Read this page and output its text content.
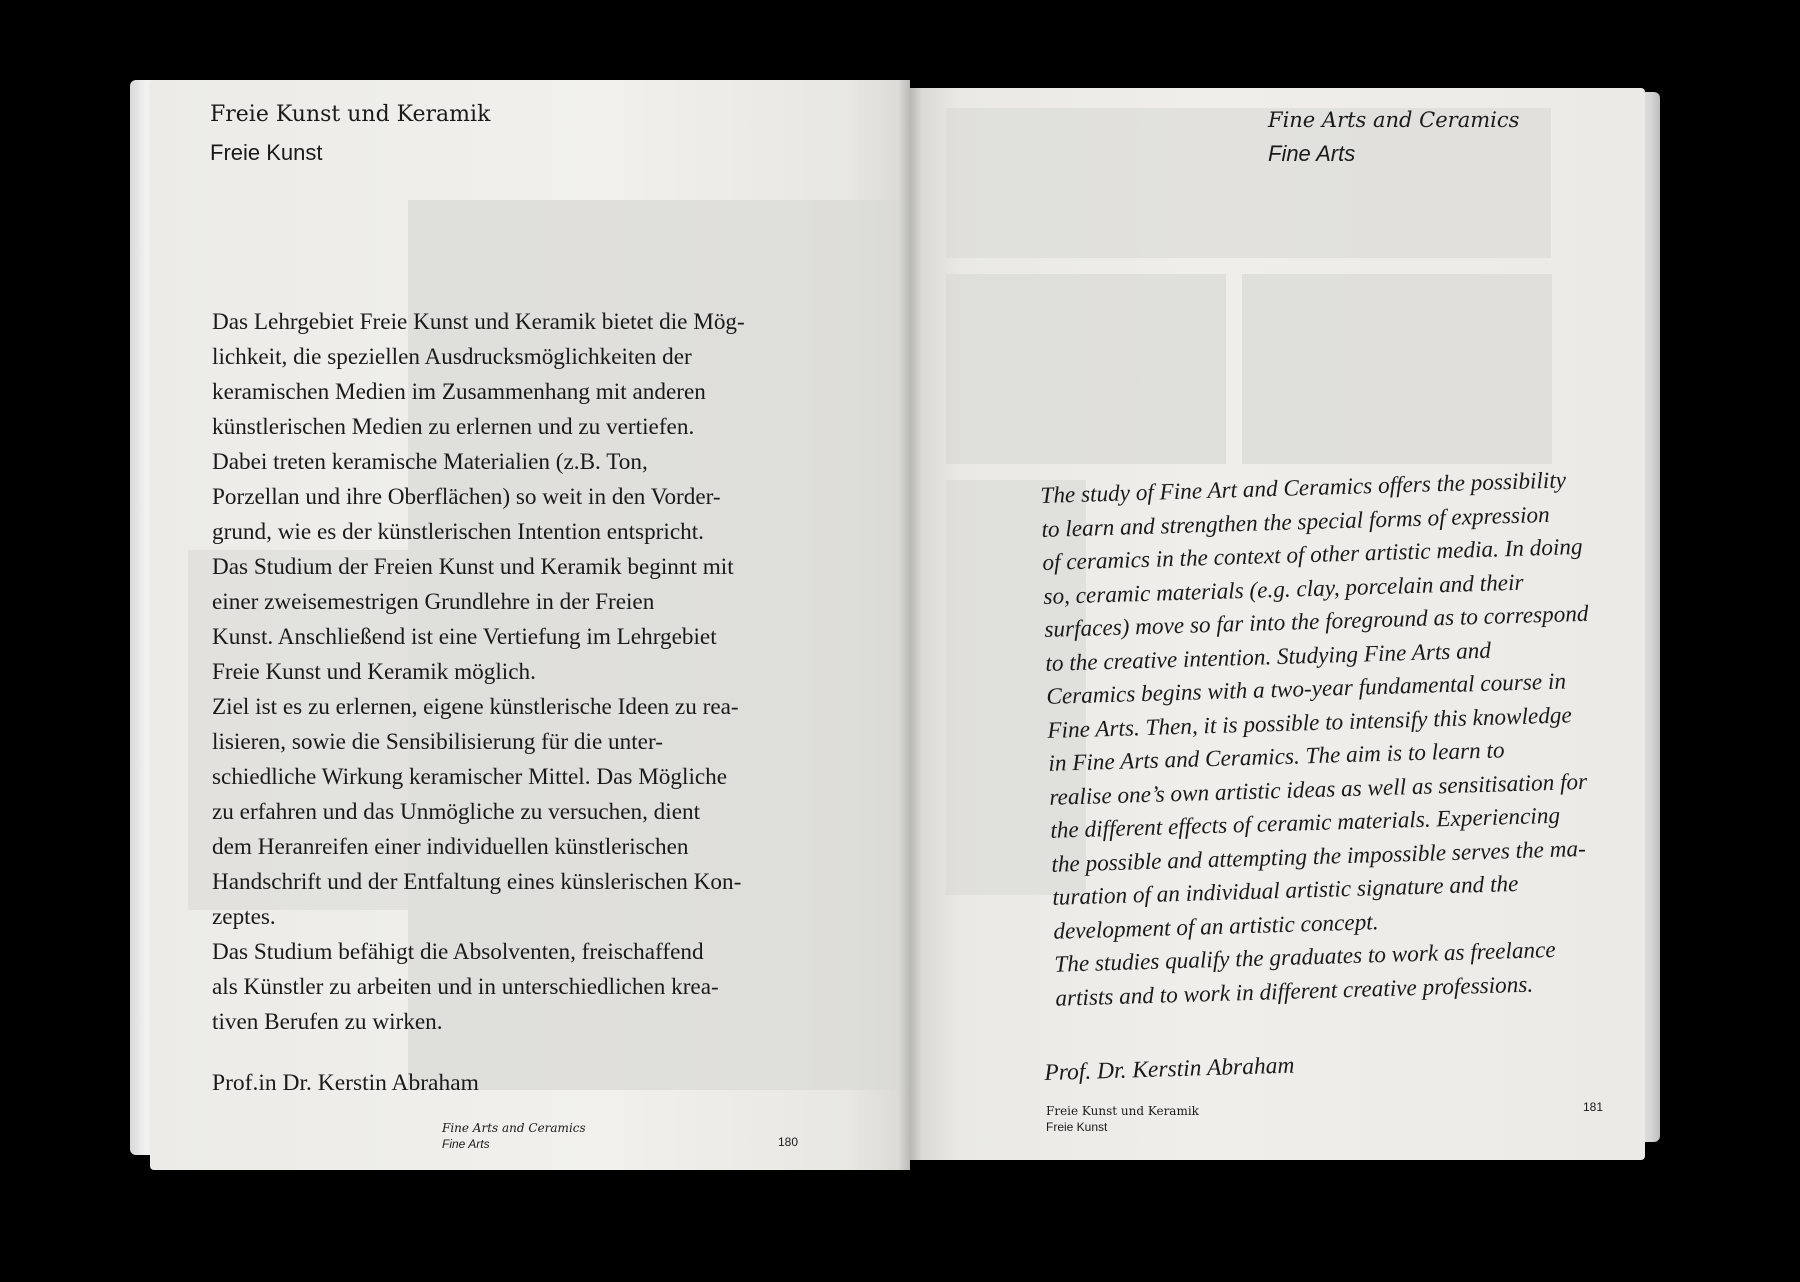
Freie Kunst und Keramik
Freie Kunst

Das Lehrgebiet Freie Kunst und Keramik bietet die Mög-

lichkeit, die speziellen Ausdrucksmöglichkeiten der

keramischen Medien im Zusammenhang mit anderen

künstlerischen Medien zu erlernen und zu vertiefen.

Dabei treten keramische Materialien (z.B. Ton,

Porzellan und ihre Oberflächen) so weit in den Vorder-

grund, wie es der künstlerischen Intention entspricht.

Das Studium der Freien Kunst und Keramik beginnt mit

einer zweisemestrigen Grundlehre in der Freien

Kunst. Anschließend ist eine Vertiefung im Lehrgebiet

Freie Kunst und Keramik möglich.

Ziel ist es zu erlernen, eigene künstlerische Ideen zu rea-

lisieren, sowie die Sensibilisierung für die unter-

schiedliche Wirkung keramischer Mittel. Das Mögliche

zu erfahren und das Unmögliche zu versuchen, dient

dem Heranreifen einer individuellen künstlerischen

Handschrift und der Entfaltung eines künslerischen Kon-

zeptes.

Das Studium befähigt die Absolventen, freischaffend

als Künstler zu arbeiten und in unterschiedlichen krea-

tiven Berufen zu wirken.

Prof.in Dr. Kerstin Abraham
Fine Arts and Ceramics
Fine Arts	180
Fine Arts and Ceramics
Fine Arts

The study of Fine Art and Ceramics offers the possibility

to learn and strengthen the special forms of expression

of ceramics in the context of other artistic media. In doing

so, ceramic materials (e.g. clay, porcelain and their

surfaces) move so far into the foreground as to correspond

to the creative intention. Studying Fine Arts and

Ceramics begins with a two-year fundamental course in

Fine Arts. Then, it is possible to intensify this knowledge

in Fine Arts and Ceramics. The aim is to learn to

realise one’s own artistic ideas as well as sensitisation for

the different effects of ceramic materials. Experiencing

the possible and attempting the impossible serves the ma-

turation of an individual artistic signature and the

development of an artistic concept.

The studies qualify the graduates to work as freelance

artists and to work in different creative professions.

Prof. Dr. Kerstin Abraham
Freie Kunst und Keramik
Freie Kunst
181
